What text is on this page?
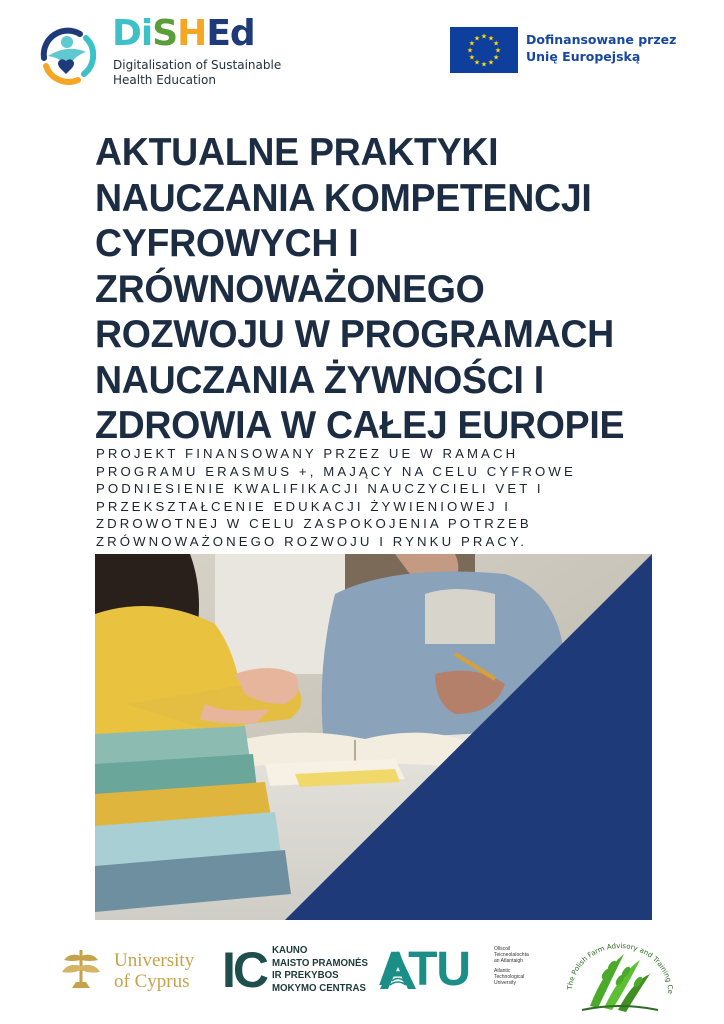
DiSHEd
Digitalisation of Sustainable
Health Education
★ ★
★
★
★
★
★
★
★
★
★
★	Dofinansowane przez
Unię Europejską
AKTUALNE PRAKTYKI
NAUCZANIA KOMPETENCJI
CYFROWYCH I
ZRÓWNOWAŻONEGO
ROZWOJU W PROGRAMACH
NAUCZANIA ŻYWNOŚCI I
ZDROWIA W CAŁEJ EUROPIE
PROJEKT FINANSOWANY PRZEZ UE W RAMACH
PROGRAMU ERASMUS +, MAJĄCY NA CELU CYFROWE
PODNIESIENIE KWALIFIKACJI NAUCZYCIELI VET I
PRZEKSZTAŁCENIE EDUKACJI ŻYWIENIOWEJ I
ZDROWOTNEJ W CELU ZASPOKOJENIA POTRZEB
ZRÓWNOWAŻONEGO ROZWOJU I RYNKU PRACY.
University
of Cyprus IC KAUNO
MAISTO PRAMONĖS
IR PREKYBOS
MOKYMO CENTRAS ATU	Ollscoil
Teicneolaíochta
an Atlantaigh
Atlantic
Technological
University
The Polish Farm Advisory and Training Ce
